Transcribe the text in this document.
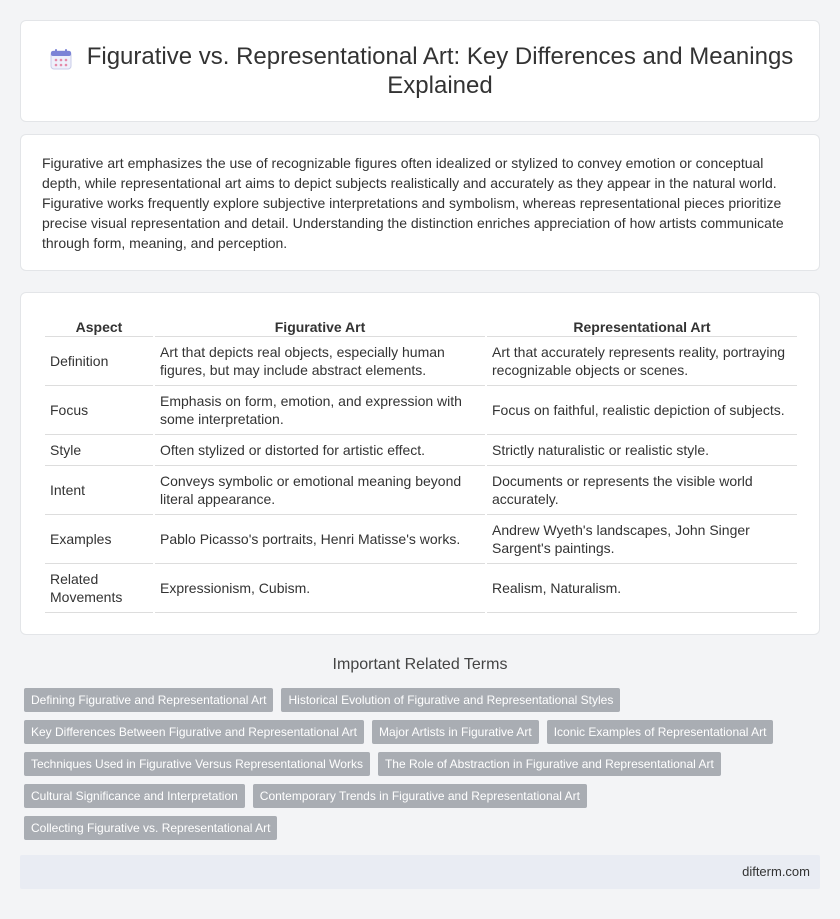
Figurative vs. Representational Art: Key Differences and Meanings Explained

Figurative art emphasizes the use of recognizable figures often idealized or stylized to convey emotion or conceptual depth, while representational art aims to depict subjects realistically and accurately as they appear in the natural world. Figurative works frequently explore subjective interpretations and symbolism, whereas representational pieces prioritize precise visual representation and detail. Understanding the distinction enriches appreciation of how artists communicate through form, meaning, and perception.

Aspect	Figurative Art	Representational Art
Definition	Art that depicts real objects, especially human figures, but may include abstract elements.	Art that accurately represents reality, portraying recognizable objects or scenes.
Focus	Emphasis on form, emotion, and expression with some interpretation.	Focus on faithful, realistic depiction of subjects.
Style	Often stylized or distorted for artistic effect.	Strictly naturalistic or realistic style.
Intent	Conveys symbolic or emotional meaning beyond literal appearance.	Documents or represents the visible world accurately.
Examples	Pablo Picasso's portraits, Henri Matisse's works.	Andrew Wyeth's landscapes, John Singer Sargent's paintings.
Related Movements	Expressionism, Cubism.	Realism, Naturalism.
Important Related Terms
Defining Figurative and Representational Art	Historical Evolution of Figurative and Representational Styles
Key Differences Between Figurative and Representational Art	Major Artists in Figurative Art	Iconic Examples of Representational Art
Techniques Used in Figurative Versus Representational Works	The Role of Abstraction in Figurative and Representational Art
Cultural Significance and Interpretation	Contemporary Trends in Figurative and Representational Art
Collecting Figurative vs. Representational Art
difterm.com
